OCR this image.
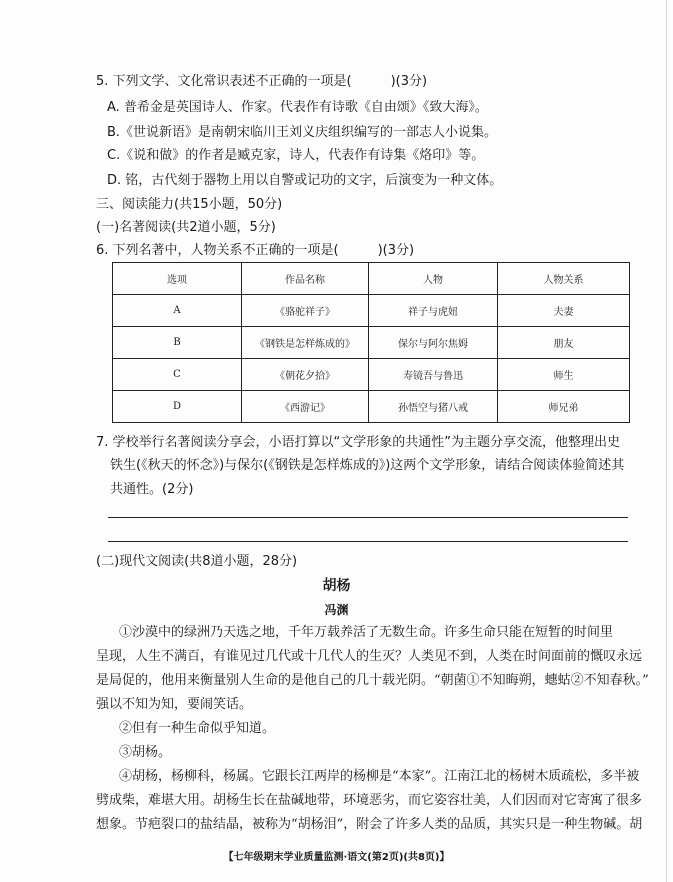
5. 下列文学、文化常识表述不正确的一项是(　　　)(3分)
A. 普希金是英国诗人、作家。代表作有诗歌《自由颂》《致大海》。
B.《世说新语》是南朝宋临川王刘义庆组织编写的一部志人小说集。
C.《说和做》的作者是臧克家，诗人，代表作有诗集《烙印》等。
D. 铭，古代刻于器物上用以自警或记功的文字，后演变为一种文体。
三、阅读能力(共15小题，50分)
(一)名著阅读(共2道小题，5分)
6. 下列名著中，人物关系不正确的一项是(　　　)(3分)
选项	作品名称	人物	人物关系
A	《骆驼祥子》	祥子与虎妞	夫妻
B	《钢铁是怎样炼成的》	保尔与阿尔焦姆	朋友
C	《朝花夕拾》	寿镜吾与鲁迅	师生
D	《西游记》	孙悟空与猪八戒	师兄弟
7. 学校举行名著阅读分享会，小语打算以“文学形象的共通性”为主题分享交流，他整理出史
铁生(《秋天的怀念》)与保尔(《钢铁是怎样炼成的》)这两个文学形象，请结合阅读体验简述其
共通性。(2分)
(二)现代文阅读(共8道小题，28分)
胡杨
冯渊
①沙漠中的绿洲乃天选之地，千年万载养活了无数生命。许多生命只能在短暂的时间里
呈现，人生不满百，有谁见过几代或十几代人的生灭？人类见不到，人类在时间面前的慨叹永远
是局促的，他用来衡量别人生命的是他自己的几十载光阴。“朝菌①不知晦朔，蟪蛄②不知春秋。”
强以不知为知，要闹笑话。
②但有一种生命似乎知道。
③胡杨。
④胡杨，杨柳科，杨属。它跟长江两岸的杨柳是“本家”。江南江北的杨树木质疏松，多半被
劈成柴，难堪大用。胡杨生长在盐碱地带，环境恶劣，而它姿容壮美，人们因而对它寄寓了很多
想象。节疤裂口的盐结晶，被称为“胡杨泪”，附会了许多人类的品质，其实只是一种生物碱。胡
【七年级期末学业质量监测·语文(第2页)(共8页)】
